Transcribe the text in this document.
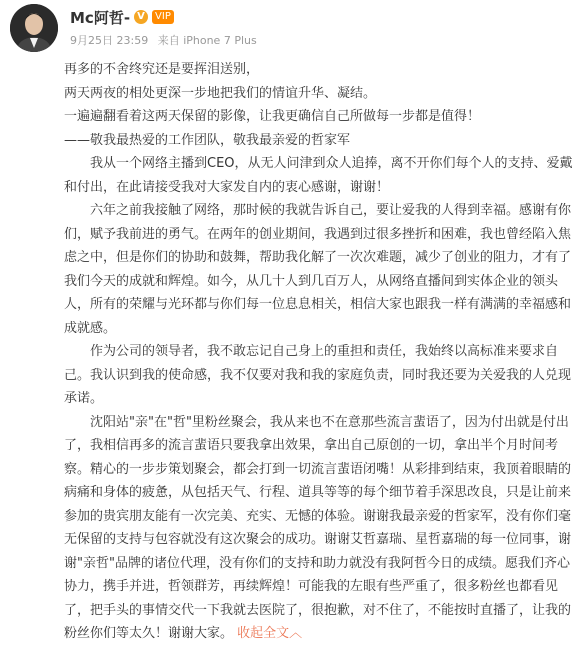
Mc阿哲-
V	VIP
9月25日 23:59 来自 iPhone 7 Plus

再多的不舍终究还是要挥泪送别，

两天两夜的相处更深一步地把我们的情谊升华、凝结。

一遍遍翻看着这两天保留的影像，让我更确信自己所做每一步都是值得！

——敬我最热爱的工作团队，敬我最亲爱的哲家军

我从一个网络主播到CEO，从无人问津到众人追捧，离不开你们每个人的支持、爱戴和付出，在此请接受我对大家发自内的衷心感谢，谢谢！

六年之前我接触了网络，那时候的我就告诉自己，要让爱我的人得到幸福。感谢有你们，赋予我前进的勇气。在两年的创业期间，我遇到过很多挫折和困难，我也曾经陷入焦虑之中，但是你们的协助和鼓舞，帮助我化解了一次次难题，减少了创业的阻力，才有了我们今天的成就和辉煌。如今，从几十人到几百万人，从网络直播间到实体企业的领头人，所有的荣耀与光环都与你们每一位息息相关，相信大家也跟我一样有满满的幸福感和成就感。

作为公司的领导者，我不敢忘记自己身上的重担和责任，我始终以高标准来要求自己。我认识到我的使命感，我不仅要对我和我的家庭负责，同时我还要为关爱我的人兑现承诺。

沈阳站"亲"在"哲"里粉丝聚会，我从来也不在意那些流言蜚语了，因为付出就是付出了，我相信再多的流言蜚语只要我拿出效果，拿出自己原创的一切，拿出半个月时间考察。精心的一步步策划聚会，都会打到一切流言蜚语闭嘴！从彩排到结束，我顶着眼睛的病痛和身体的疲惫，从包括天气、行程、道具等等的每个细节着手深思改良，只是让前来参加的贵宾朋友能有一次完美、充实、无憾的体验。谢谢我最亲爱的哲家军，没有你们毫无保留的支持与包容就没有这次聚会的成功。谢谢艾哲嘉瑞、星哲嘉瑞的每一位同事，谢谢"亲哲"品牌的诸位代理，没有你们的支持和助力就没有我阿哲今日的成绩。愿我们齐心协力，携手并进，哲领群芳，再续辉煌！可能我的左眼有些严重了，很多粉丝也都看见了，把手头的事情交代一下我就去医院了，很抱歉，对不住了，不能按时直播了，让我的粉丝你们等太久！谢谢大家。 收起全文︿
